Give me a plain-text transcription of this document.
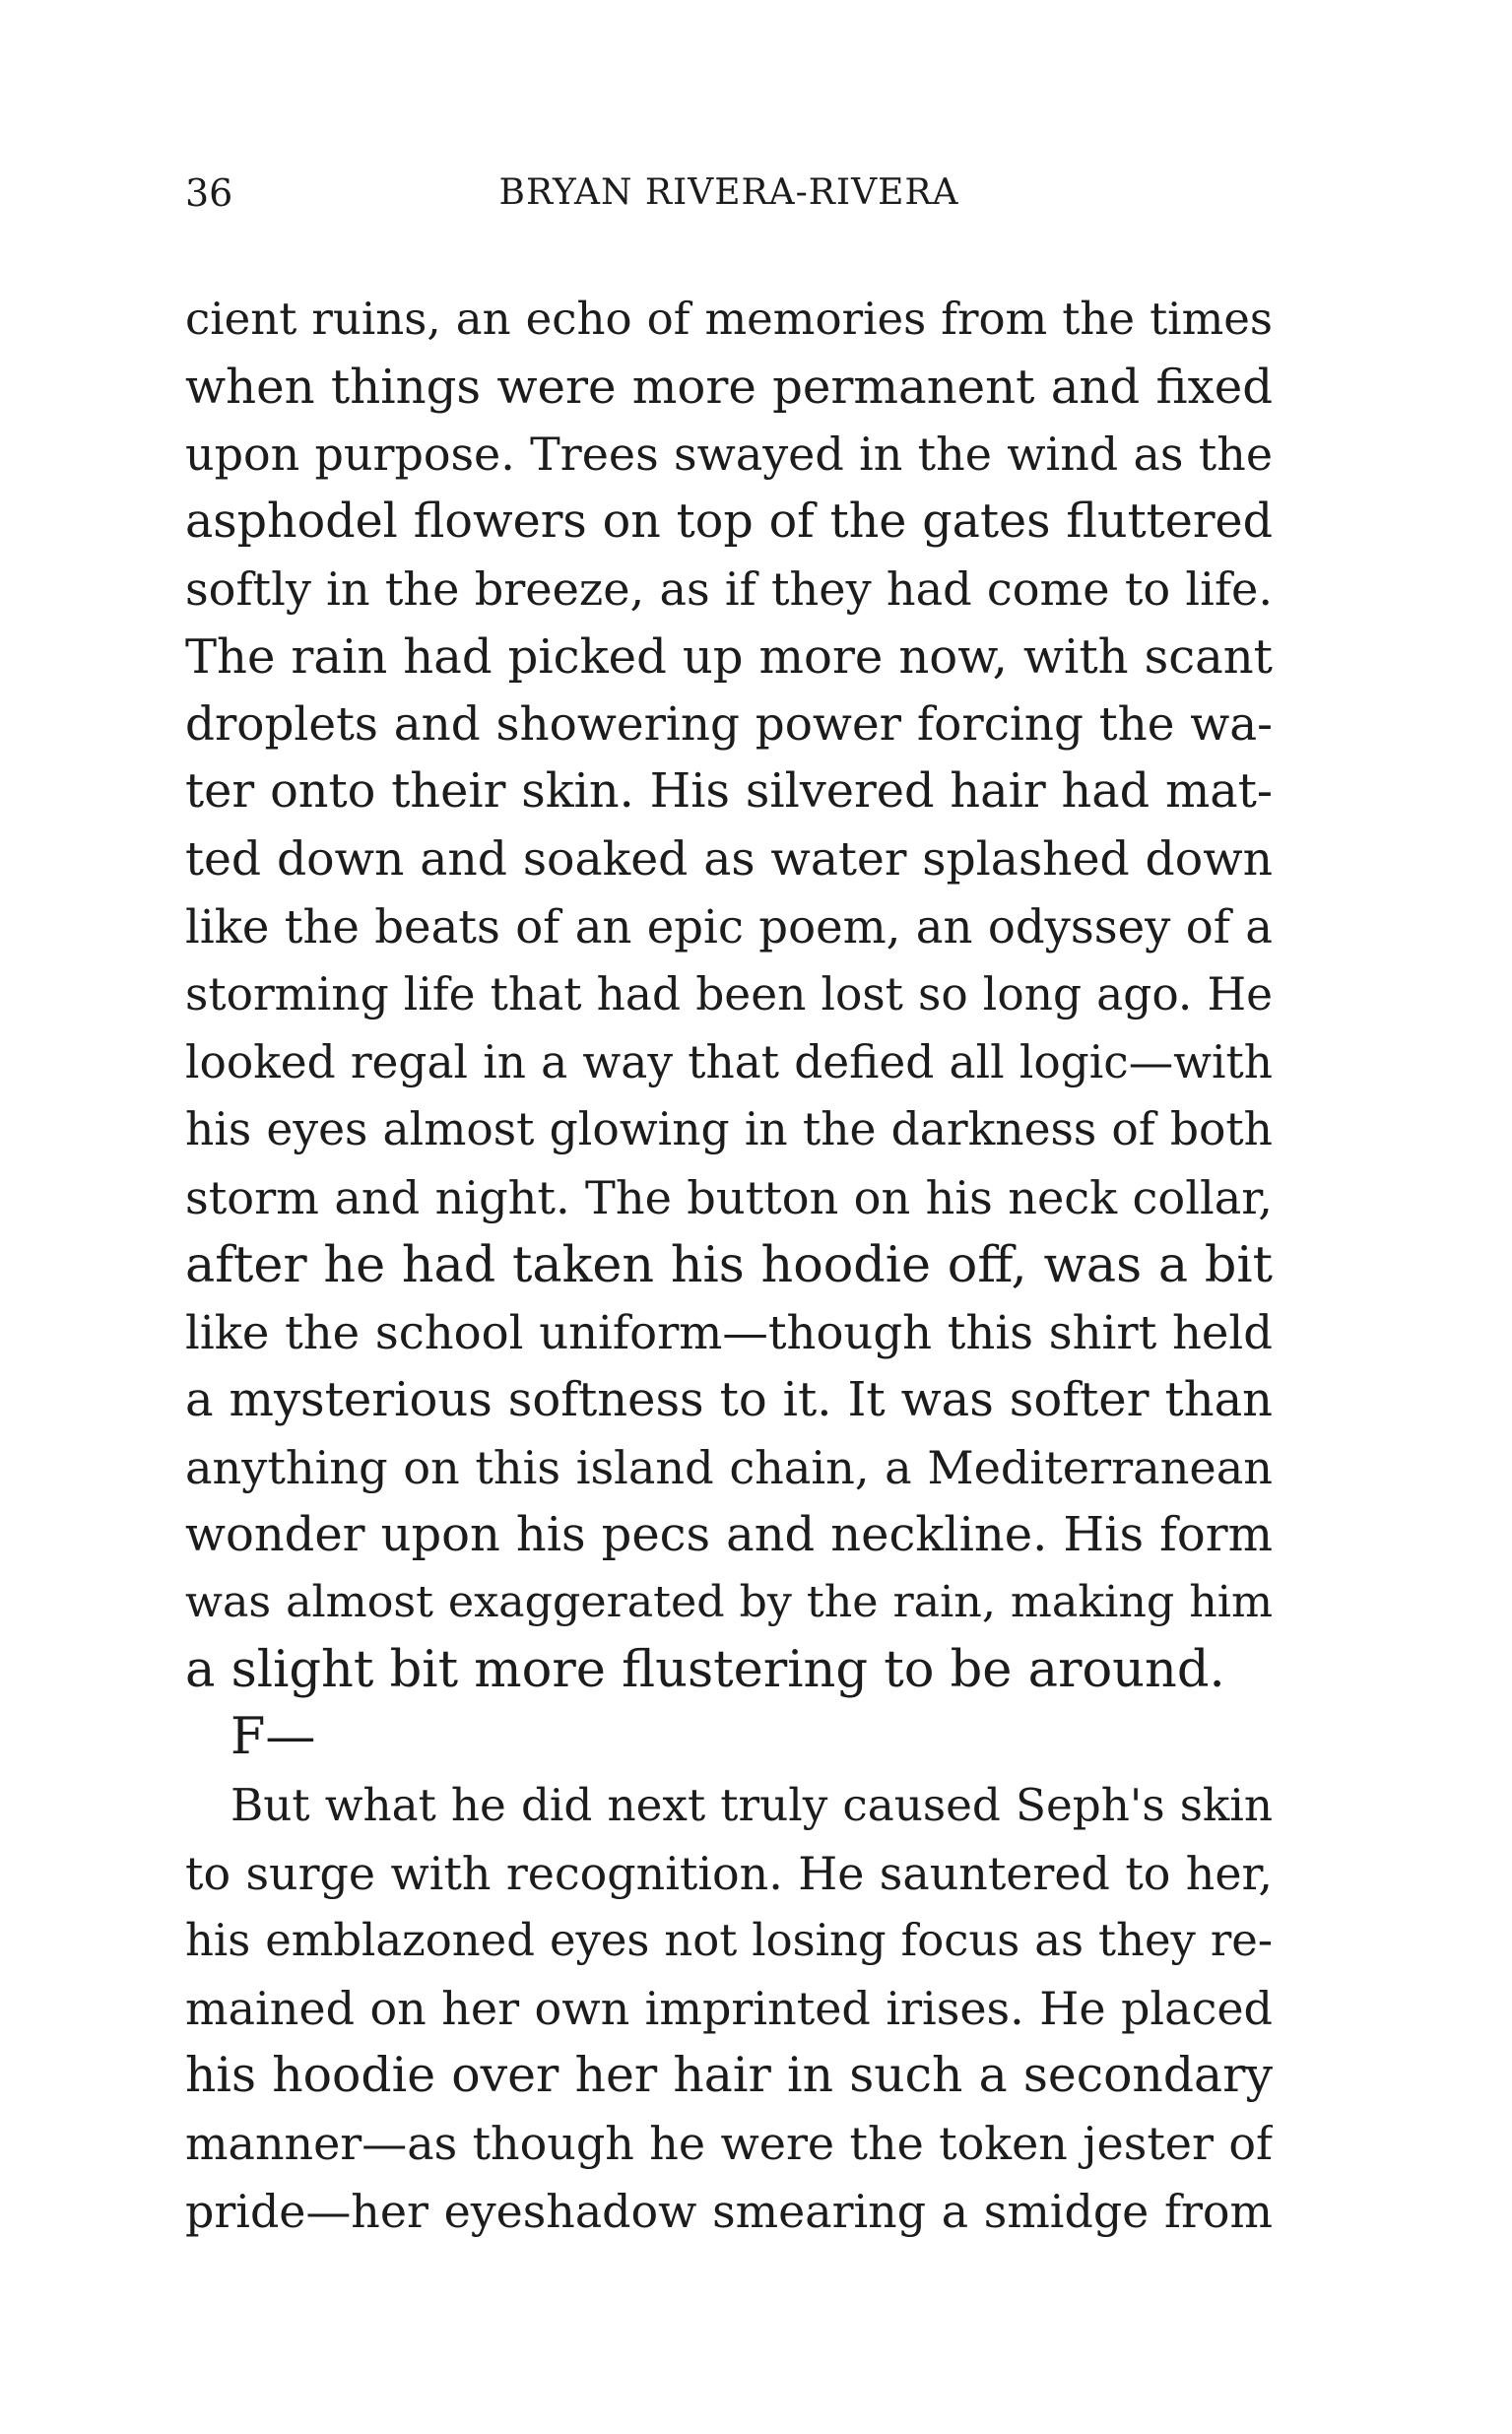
36	BRYAN RIVERA-RIVERA
cient ruins, an echo of memories from the times
when things were more permanent and fixed
upon purpose. Trees swayed in the wind as the
asphodel flowers on top of the gates fluttered
softly in the breeze, as if they had come to life.
The rain had picked up more now, with scant
droplets and showering power forcing the wa-
ter onto their skin. His silvered hair had mat-
ted down and soaked as water splashed down
like the beats of an epic poem, an odyssey of a
storming life that had been lost so long ago. He
looked regal in a way that defied all logic—with
his eyes almost glowing in the darkness of both
storm and night. The button on his neck collar,
after he had taken his hoodie off, was a bit
like the school uniform—though this shirt held
a mysterious softness to it. It was softer than
anything on this island chain, a Mediterranean
wonder upon his pecs and neckline. His form
was almost exaggerated by the rain, making him
a slight bit more flustering to be around.
F—
But what he did next truly caused Seph's skin
to surge with recognition. He sauntered to her,
his emblazoned eyes not losing focus as they re-
mained on her own imprinted irises. He placed
his hoodie over her hair in such a secondary
manner—as though he were the token jester of
pride—her eyeshadow smearing a smidge from
